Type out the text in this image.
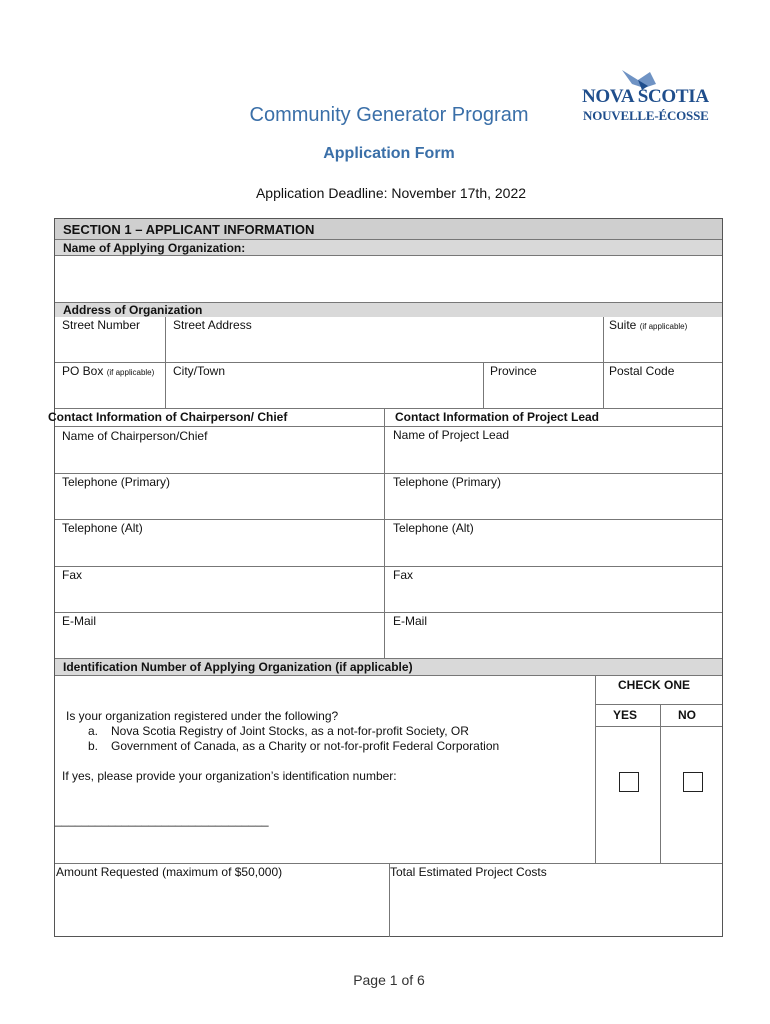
NOVA SCOTIA
NOUVELLE-ÉCOSSE
Community Generator Program
Application Form
Application Deadline: November 17th, 2022
SECTION 1 – APPLICANT INFORMATION
Name of Applying Organization:
Address of Organization
Street Number	Street Address	Suite (if applicable)
PO Box (if applicable) City/Town	Province	Postal Code
Contact Information of Chairperson/ Chief	Contact Information of Project Lead
Name of Chairperson/Chief	Name of Project Lead
Telephone (Primary)	Telephone (Primary)
Telephone (Alt)	Telephone (Alt)
Fax	Fax
E-Mail	E-Mail
Identification Number of Applying Organization (if applicable)
CHECK ONE
YES	NO
Is your organization registered under the following?
a. Nova Scotia Registry of Joint Stocks, as a not-for-profit Society, OR
b. Government of Canada, as a Charity or not-for-profit Federal Corporation
If yes, please provide your organization’s identification number:
________________________________
Amount Requested (maximum of $50,000)	Total Estimated Project Costs
Page 1 of 6
